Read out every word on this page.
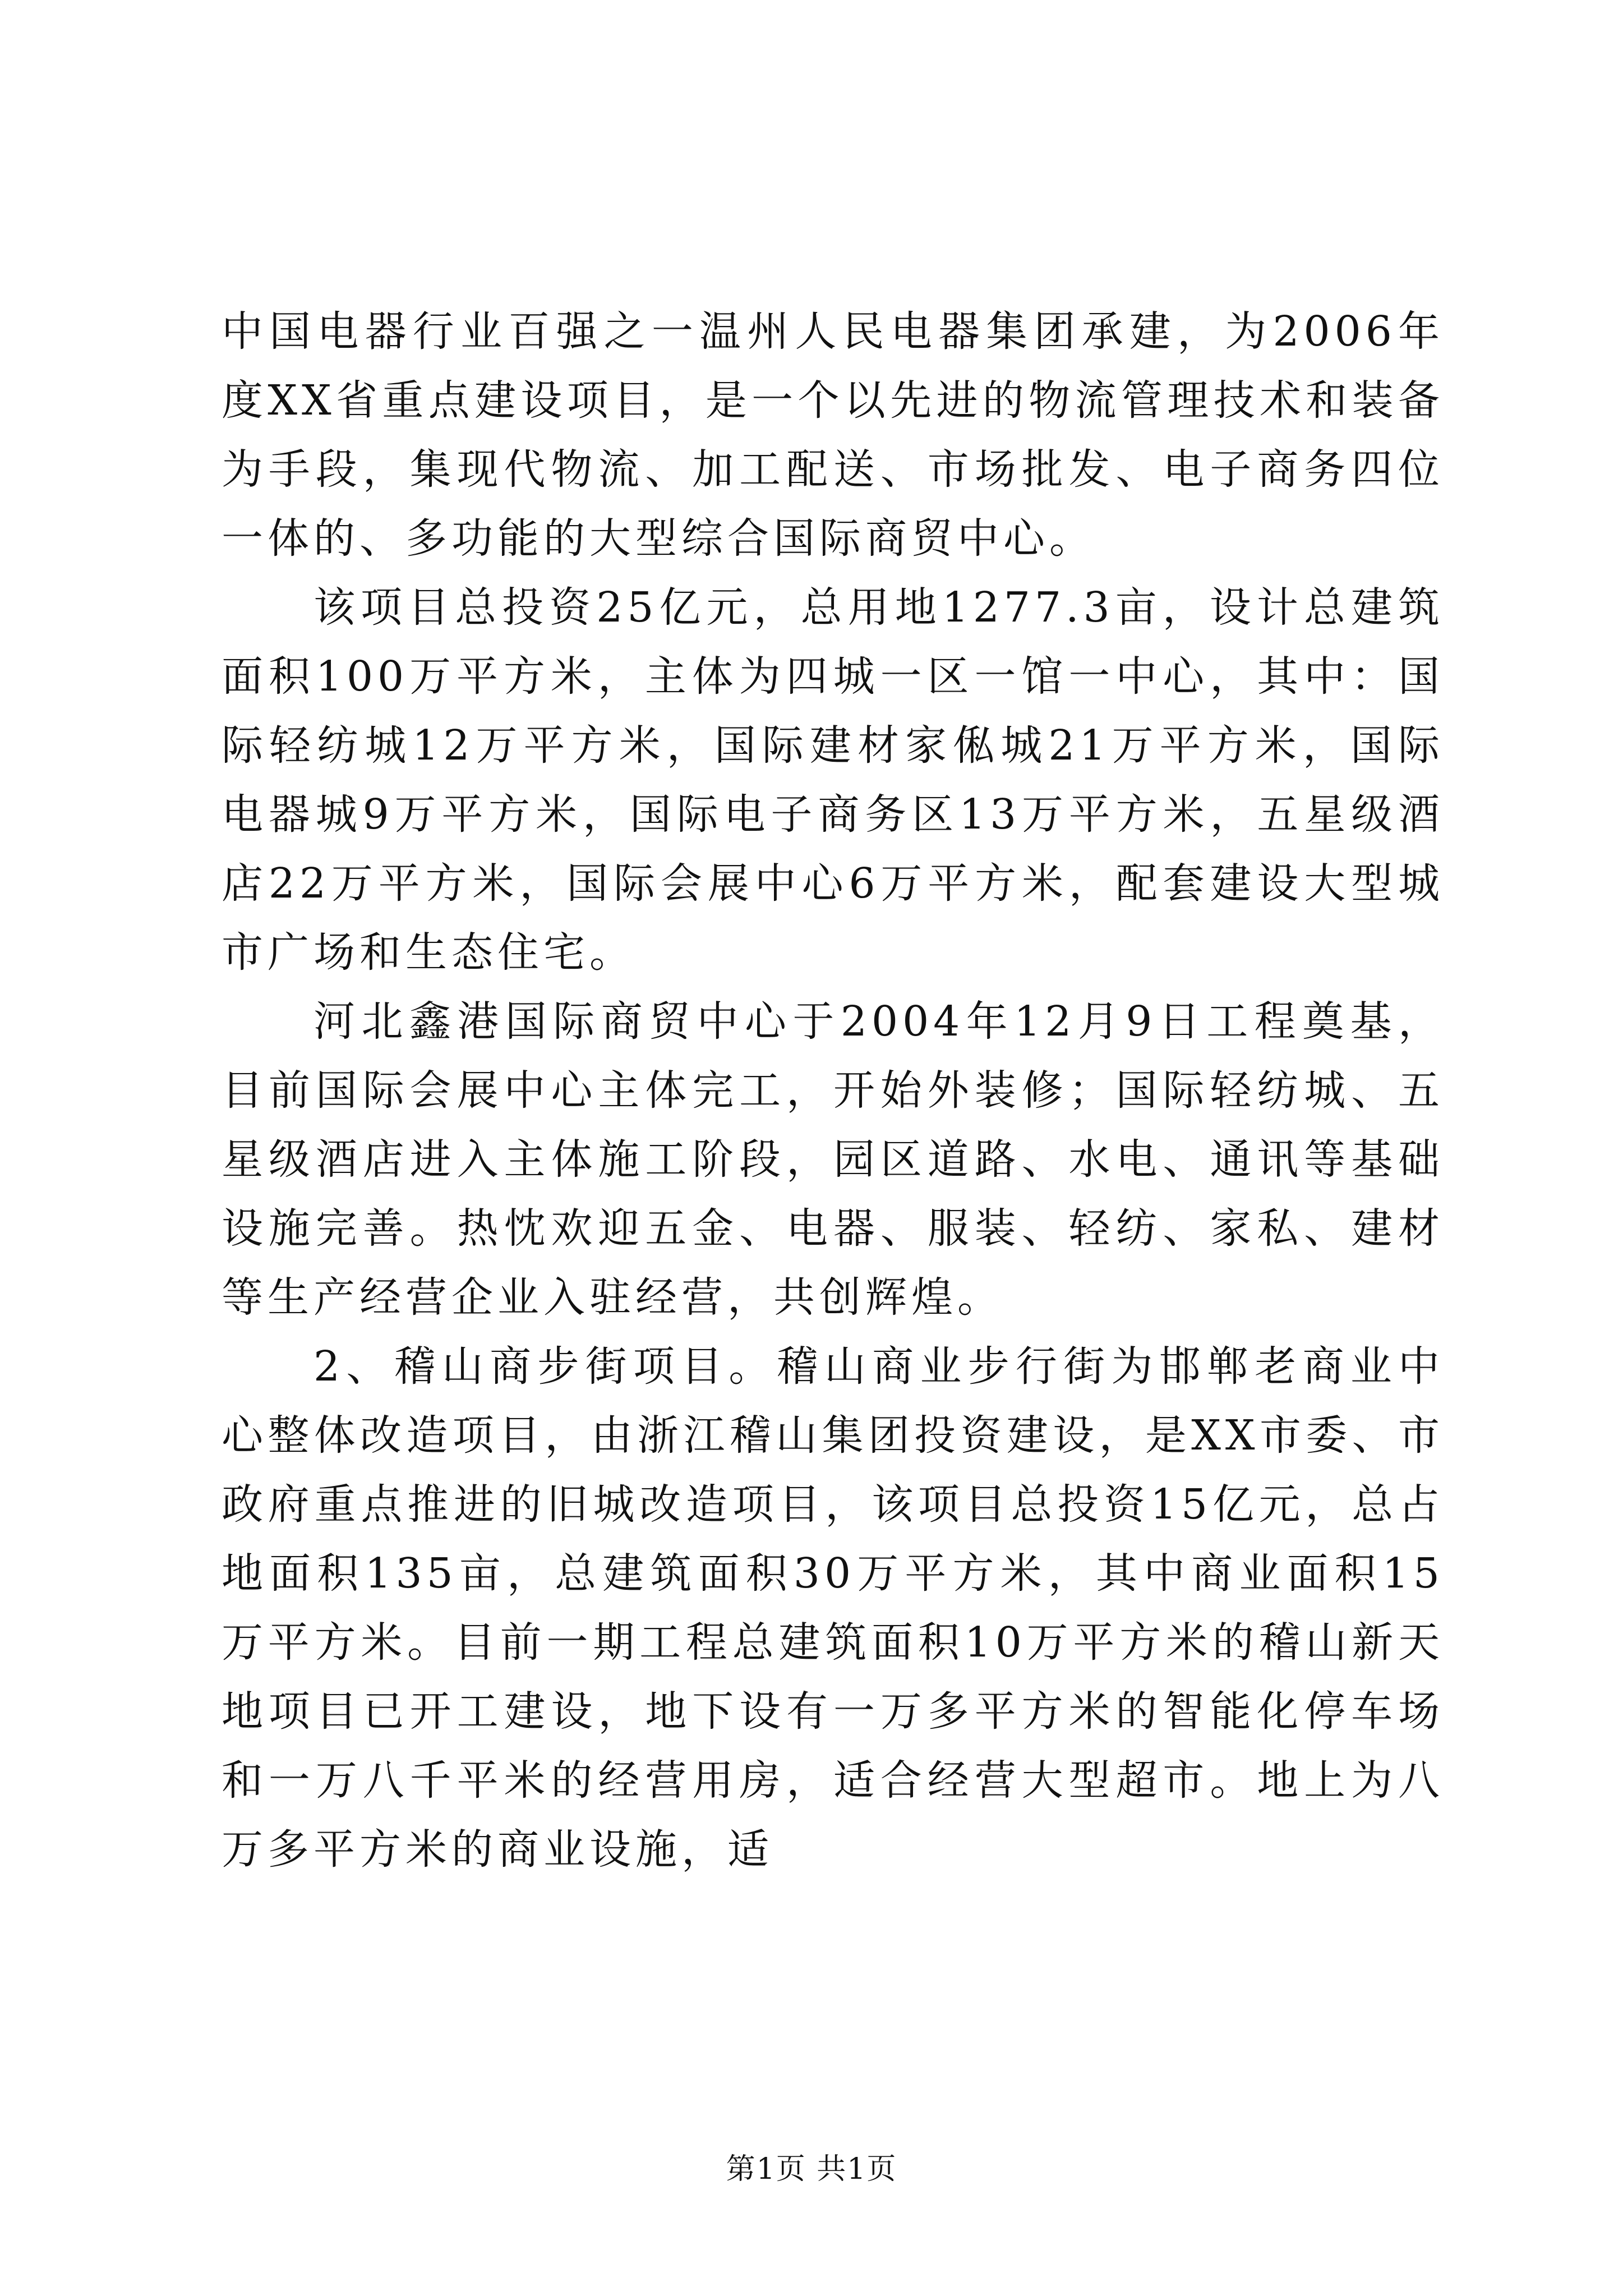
中国电器行业百强之一温州人民电器集团承建，为2006年度XX省重点建设项目，是一个以先进的物流管理技术和装备为手段，集现代物流、加工配送、市场批发、电子商务四位一体的、多功能的大型综合国际商贸中心。

该项目总投资25亿元，总用地1277.3亩，设计总建筑面积100万平方米，主体为四城一区一馆一中心，其中：国际轻纺城12万平方米，国际建材家俬城21万平方米，国际电器城9万平方米，国际电子商务区13万平方米，五星级酒店22万平方米，国际会展中心6万平方米，配套建设大型城市广场和生态住宅。

河北鑫港国际商贸中心于2004年12月9日工程奠基，目前国际会展中心主体完工，开始外装修；国际轻纺城、五星级酒店进入主体施工阶段，园区道路、水电、通讯等基础设施完善。热忱欢迎五金、电器、服装、轻纺、家私、建材等生产经营企业入驻经营，共创辉煌。

2、稽山商步街项目。稽山商业步行街为邯郸老商业中心整体改造项目，由浙江稽山集团投资建设，是XX市委、市政府重点推进的旧城改造项目，该项目总投资15亿元，总占地面积135亩，总建筑面积30万平方米，其中商业面积15万平方米。目前一期工程总建筑面积10万平方米的稽山新天地项目已开工建设，地下设有一万多平方米的智能化停车场和一万八千平米的经营用房，适合经营大型超市。地上为八万多平方米的商业设施，适

第1页 共1页
